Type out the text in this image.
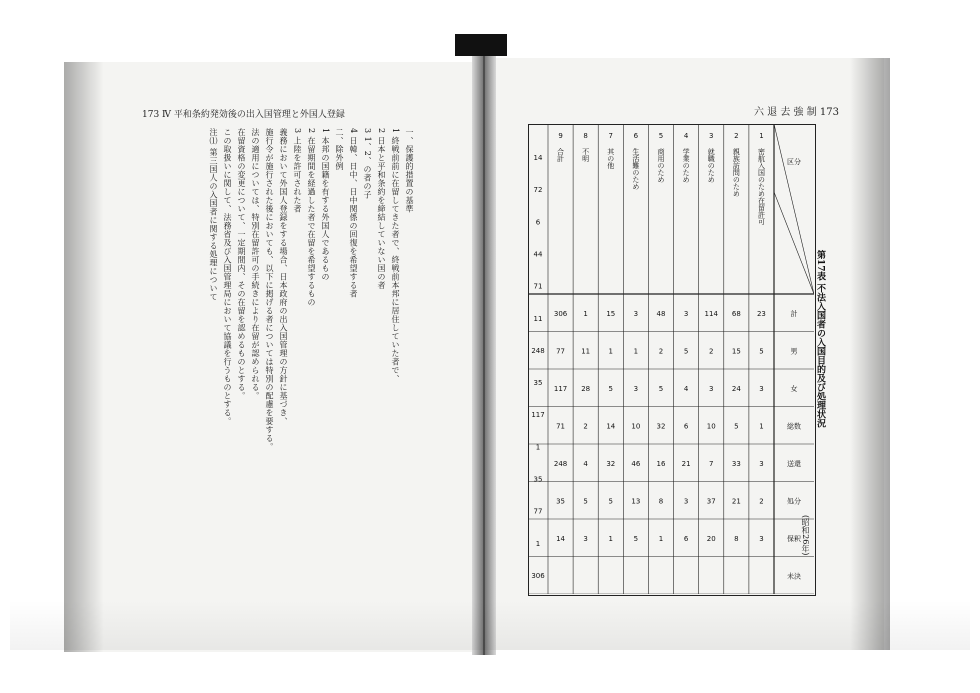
173 Ⅳ 平和条約発効後の出入国管理と外国人登録	六 退 去 強 制 173
一、保護的措置の基準
1 終戦前前に在留してきた者で、終戦前本邦に居住していた者で、
2 日本と平和条約を締結していない国の者
3 1、2、の者の子
4 日韓、日中、日中関係の回復を希望する者
二、除外例
1 本邦の国籍を有する外国人であるもの
2 在留期間を経過した者で在留を希望するもの
3 上陸を許可された者
義務において外国人登録をする場合、日本政府の出入国管理の方針に基づき、
施行令が施行された後においても、以下に掲げる者については特別の配慮を要する。
法の適用については、特別在留許可の手続きにより在留が認められる。
在留資格の変更について、一定期間内、その在留を認めるものとする。
この取扱いに関して、法務省及び入国管理局において協議を行うものとする。
注⑴ 第三国人の入国者に関する処理について
第17表 不法入国者の入国目的及び処理状況
(昭和26年)
計
男
女
総数
送還
処分
保釈
未決
区分
1
密航入国のため在留許可
23
5
3
1
3
2
3
2
親族訪問のため
68
15
24
5
33
21
8
3
就職のため
114
2
3
10
7
37
20
4
学業のため
3
5
4
6
21
3
6
5
商用のため
48
2
5
32
16
8
1
6
生活難のため
3
1
3
10
46
13
5
7
其の他
15
1
5
14
32
5
1
8
不明
1
11
28
2
4
5
3
9
合計
306
77
117
71
248
35
14
14
72
6
44
71
11
248
35
117
1
35
77
1
306
